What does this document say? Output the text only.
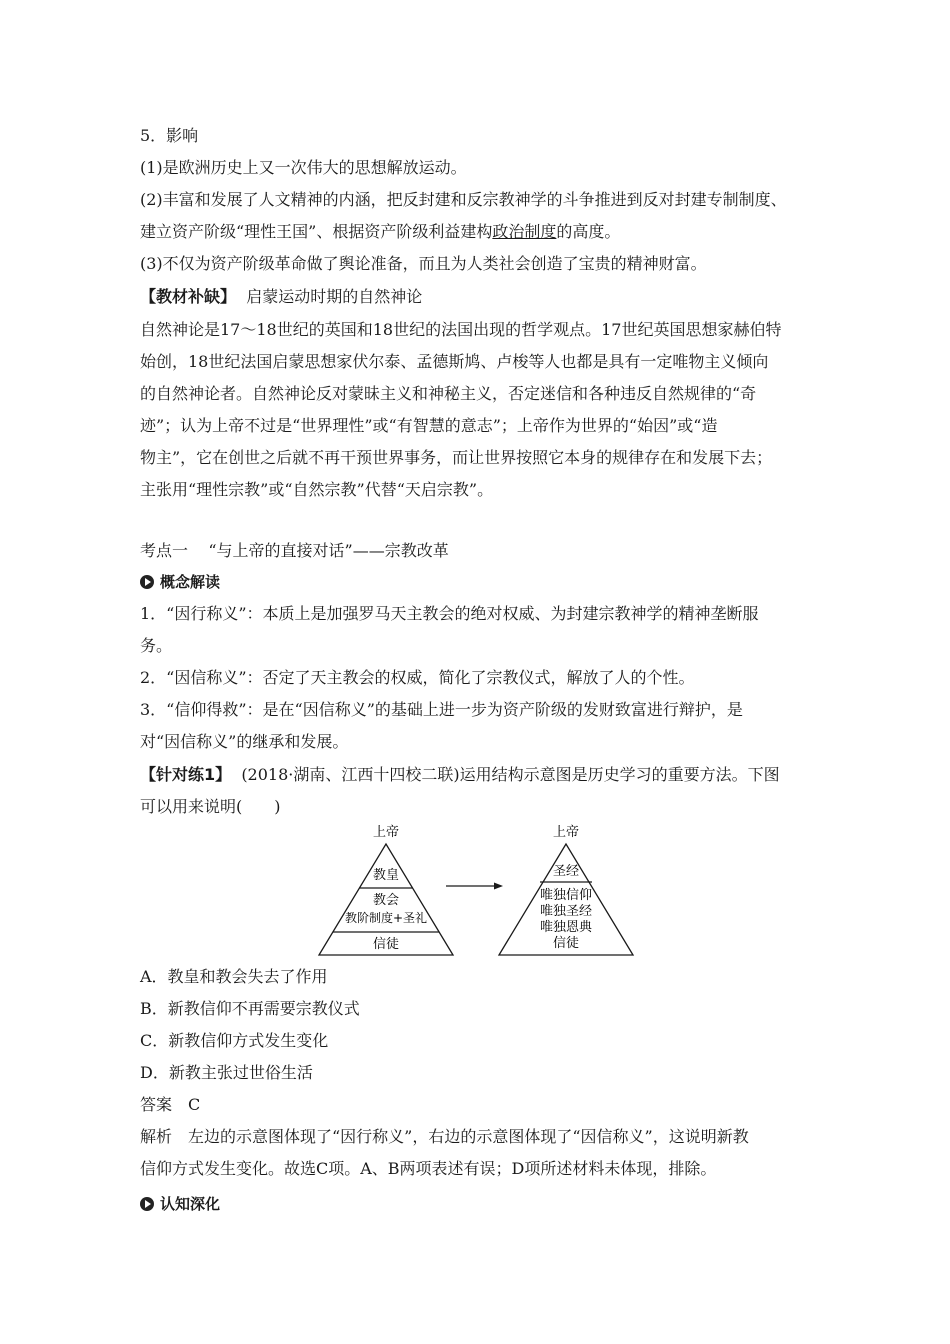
5．影响
(1)是欧洲历史上又一次伟大的思想解放运动。
(2)丰富和发展了人文精神的内涵，把反封建和反宗教神学的斗争推进到反对封建专制制度、
建立资产阶级“理性王国”、根据资产阶级利益建构政治制度的高度。
(3)不仅为资产阶级革命做了舆论准备，而且为人类社会创造了宝贵的精神财富。
【教材补缺】 启蒙运动时期的自然神论
自然神论是17～18世纪的英国和18世纪的法国出现的哲学观点。17世纪英国思想家赫伯特
始创，18世纪法国启蒙思想家伏尔泰、孟德斯鸠、卢梭等人也都是具有一定唯物主义倾向
的自然神论者。自然神论反对蒙昧主义和神秘主义，否定迷信和各种违反自然规律的“奇
迹”；认为上帝不过是“世界理性”或“有智慧的意志”；上帝作为世界的“始因”或“造
物主”，它在创世之后就不再干预世界事务，而让世界按照它本身的规律存在和发展下去；
主张用“理性宗教”或“自然宗教”代替“天启宗教”。
考点一 “与上帝的直接对话”——宗教改革
概念解读
1．“因行称义”：本质上是加强罗马天主教会的绝对权威、为封建宗教神学的精神垄断服
务。
2．“因信称义”：否定了天主教会的权威，简化了宗教仪式，解放了人的个性。
3．“信仰得救”：是在“因信称义”的基础上进一步为资产阶级的发财致富进行辩护，是
对“因信称义”的继承和发展。
【针对练1】 (2018·湖南、江西十四校二联)运用结构示意图是历史学习的重要方法。下图
可以用来说明(　　)
上帝
教皇
教会
教阶制度+圣礼
信徒
上帝
圣经
唯独信仰
唯独圣经
唯独恩典
信徒
A．教皇和教会失去了作用
B．新教信仰不再需要宗教仪式
C．新教信仰方式发生变化
D．新教主张过世俗生活
答案　C
解析　左边的示意图体现了“因行称义”，右边的示意图体现了“因信称义”，这说明新教
信仰方式发生变化。故选C项。A、B两项表述有误；D项所述材料未体现，排除。
认知深化
